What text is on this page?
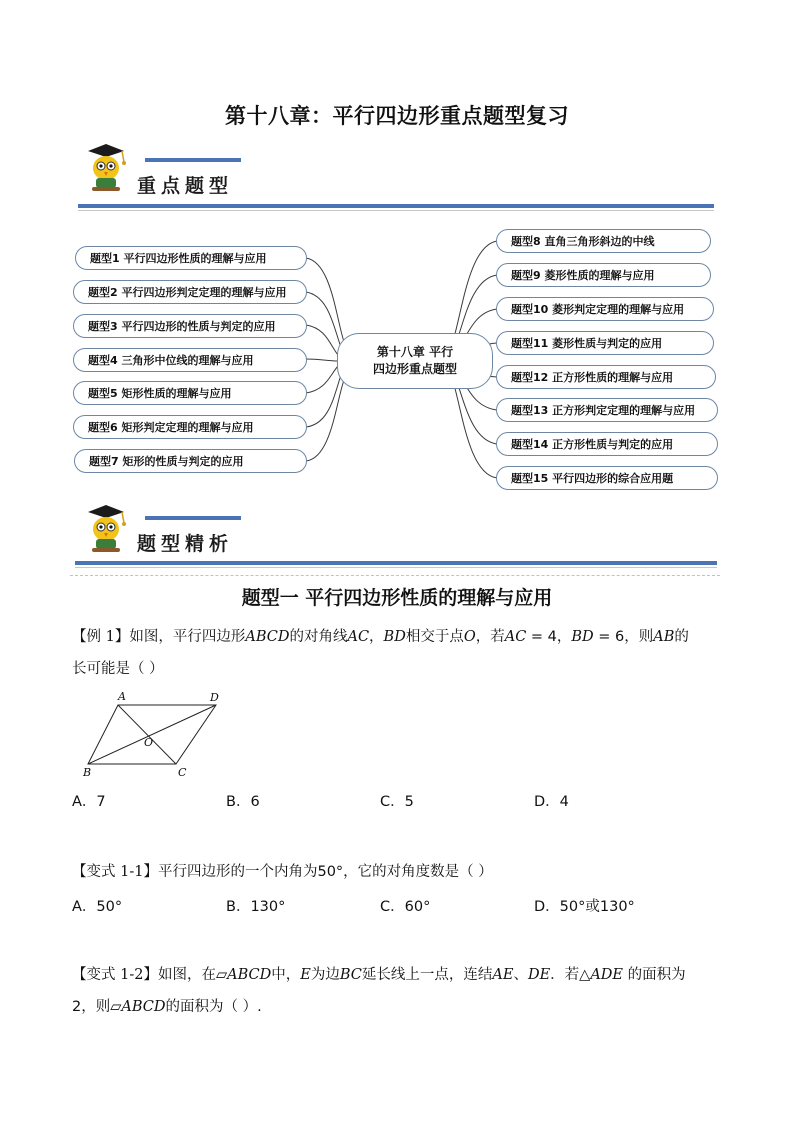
第十八章：平行四边形重点题型复习
重点题型
第十八章 平行
四边形重点题型
题型1 平行四边形性质的理解与应用
题型2 平行四边形判定定理的理解与应用
题型3 平行四边形的性质与判定的应用
题型4 三角形中位线的理解与应用
题型5 矩形性质的理解与应用
题型6 矩形判定定理的理解与应用
题型7 矩形的性质与判定的应用
题型8 直角三角形斜边的中线
题型9 菱形性质的理解与应用
题型10 菱形判定定理的理解与应用
题型11 菱形性质与判定的应用
题型12 正方形性质的理解与应用
题型13 正方形判定定理的理解与应用
题型14 正方形性质与判定的应用
题型15 平行四边形的综合应用题
题型精析
题型一 平行四边形性质的理解与应用
【例 1】如图，平行四边形ABCD的对角线AC，BD相交于点O，若AC = 4，BD = 6，则AB的
长可能是（ ）
A	D
B	C
O
A．7	B．6	C．5	D．4
【变式 1-1】平行四边形的一个内角为50°，它的对角度数是（ ）
A．50°	B．130°	C．60°	D．50°或130°
【变式 1-2】如图，在▱ABCD中，E为边BC延长线上一点，连结AE、DE．若△ADE 的面积为
2，则▱ABCD的面积为（ ）.
